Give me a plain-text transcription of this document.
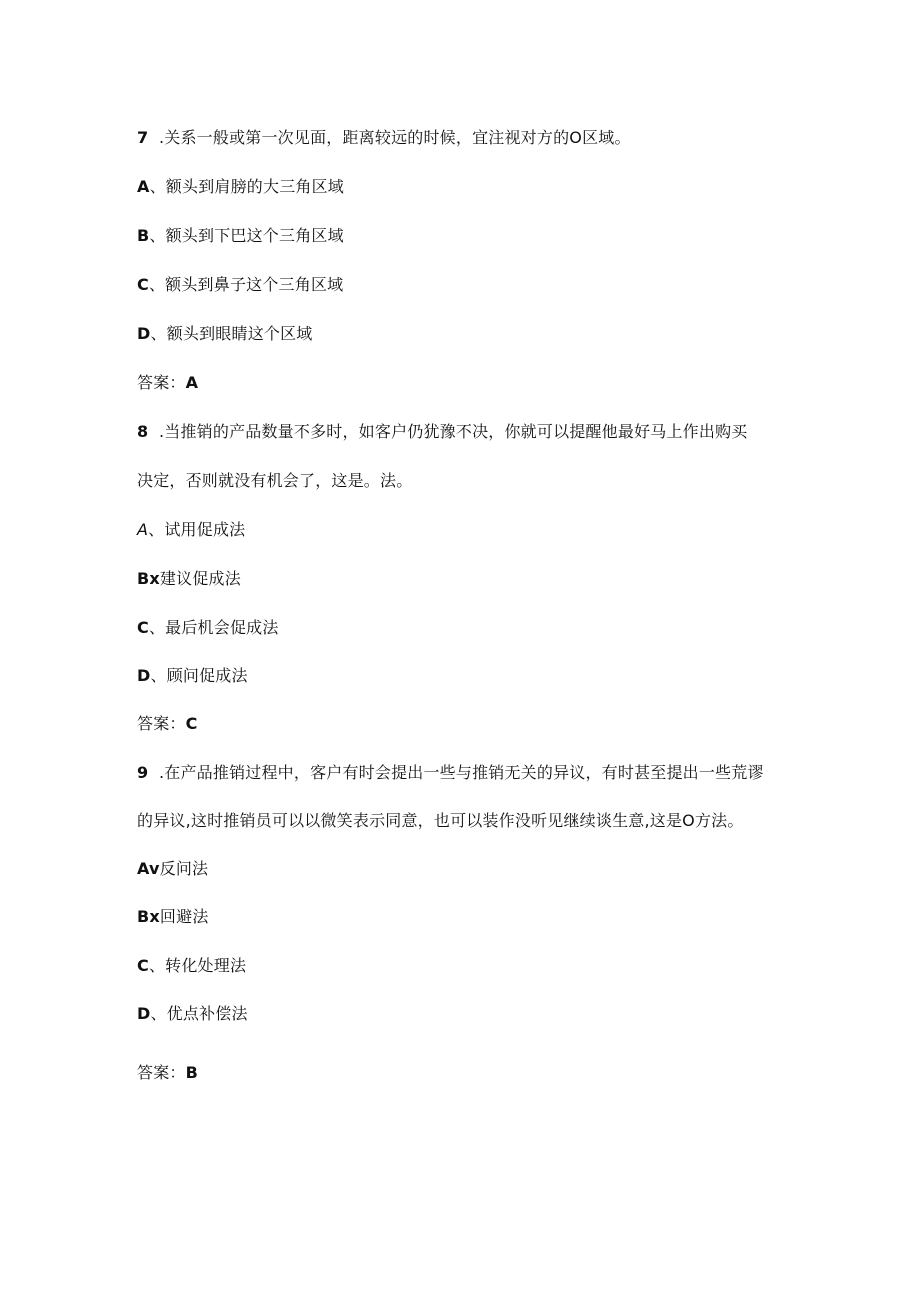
7 .关系一般或第一次见面，距离较远的时候，宜注视对方的O区域。
A、额头到肩膀的大三角区域
B、额头到下巴这个三角区域
C、额头到鼻子这个三角区域
D、额头到眼睛这个区域
答案：A
8 .当推销的产品数量不多时，如客户仍犹豫不决，你就可以提醒他最好马上作出购买
决定，否则就没有机会了，这是。法。
A、试用促成法
Bx建议促成法
C、最后机会促成法
D、顾问促成法
答案：C
9 .在产品推销过程中，客户有时会提出一些与推销无关的异议，有时甚至提出一些荒谬
的异议,这时推销员可以以微笑表示同意，也可以装作没听见继续谈生意,这是O方法。
Av反问法
Bx回避法
C、转化处理法
D、优点补偿法
答案：B
